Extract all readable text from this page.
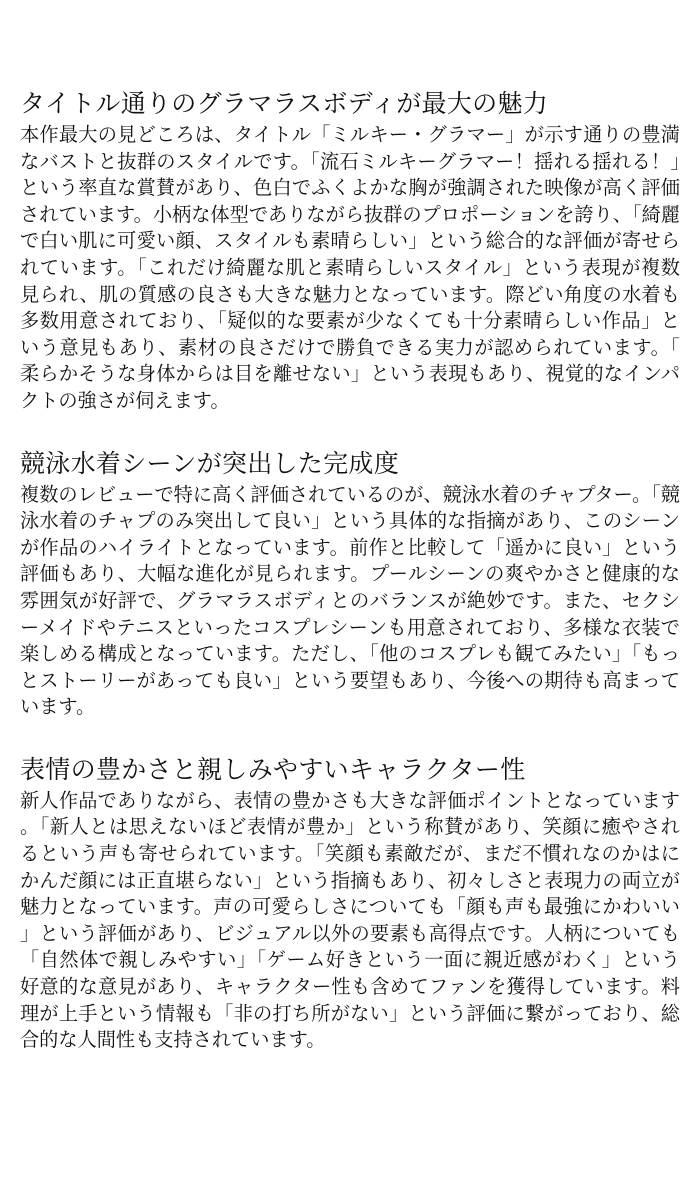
タイトル通りのグラマラスボディが最大の魅力

本作最大の見どころは、タイトル「ミルキー・グラマー」が示す通りの豊満なバストと抜群のスタイルです。「流石ミルキーグラマー！揺れる揺れる！」という率直な賞賛があり、色白でふくよかな胸が強調された映像が高く評価されています。小柄な体型でありながら抜群のプロポーションを誇り、「綺麗で白い肌に可愛い顔、スタイルも素晴らしい」という総合的な評価が寄せられています。「これだけ綺麗な肌と素晴らしいスタイル」という表現が複数見られ、肌の質感の良さも大きな魅力となっています。際どい角度の水着も多数用意されており、「疑似的な要素が少なくても十分素晴らしい作品」という意見もあり、素材の良さだけで勝負できる実力が認められています。「柔らかそうな身体からは目を離せない」という表現もあり、視覚的なインパクトの強さが伺えます。

競泳水着シーンが突出した完成度

複数のレビューで特に高く評価されているのが、競泳水着のチャプター。「競泳水着のチャプのみ突出して良い」という具体的な指摘があり、このシーンが作品のハイライトとなっています。前作と比較して「遥かに良い」という評価もあり、大幅な進化が見られます。プールシーンの爽やかさと健康的な雰囲気が好評で、グラマラスボディとのバランスが絶妙です。また、セクシーメイドやテニスといったコスプレシーンも用意されており、多様な衣装で楽しめる構成となっています。ただし、「他のコスプレも観てみたい」「もっとストーリーがあっても良い」という要望もあり、今後への期待も高まっています。

表情の豊かさと親しみやすいキャラクター性

新人作品でありながら、表情の豊かさも大きな評価ポイントとなっています。「新人とは思えないほど表情が豊か」という称賛があり、笑顔に癒やされるという声も寄せられています。「笑顔も素敵だが、まだ不慣れなのかはにかんだ顔には正直堪らない」という指摘もあり、初々しさと表現力の両立が魅力となっています。声の可愛らしさについても「顔も声も最強にかわいい」という評価があり、ビジュアル以外の要素も高得点です。人柄についても「自然体で親しみやすい」「ゲーム好きという一面に親近感がわく」という好意的な意見があり、キャラクター性も含めてファンを獲得しています。料理が上手という情報も「非の打ち所がない」という評価に繋がっており、総合的な人間性も支持されています。
